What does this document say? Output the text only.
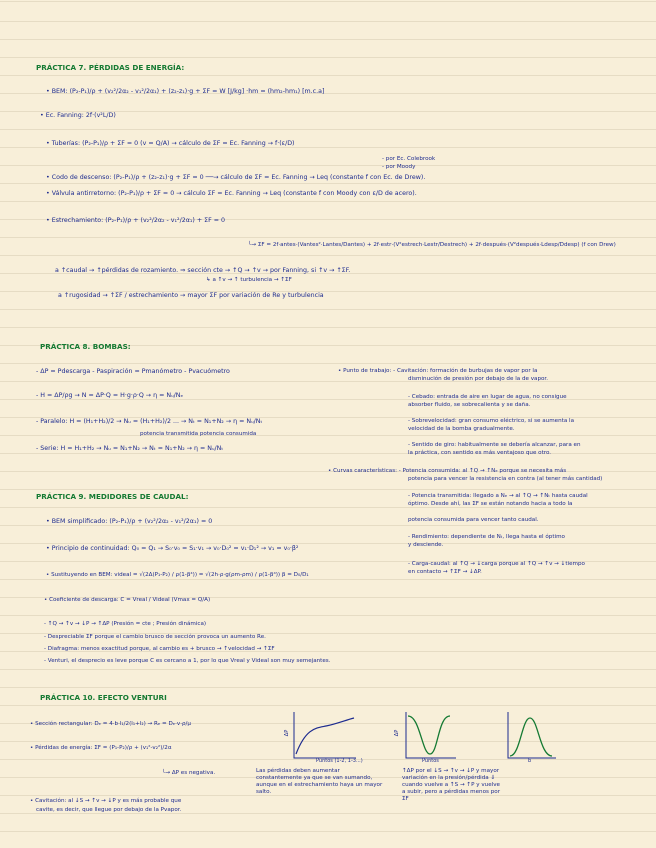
PRÁCTICA 7. PÉRDIDAS DE ENERGÍA:
• BEM: (P₂-P₁)/ρ + (v₂²/2α₂ - v₁²/2α₁) + (z₂-z₁)·g + ΣF = W [J/kg] ·hm = (hm₂-hm₁) [m.c.a]
• Ec. Fanning: 2f·(v²L/D)
• Tuberías: (P₂-P₁)/ρ + ΣF = 0 (v = Q/A) → cálculo de ΣF = Ec. Fanning → f·(ε/D)
- por Ec. Colebrook
- por Moody
• Codo de descenso: (P₂-P₁)/ρ + (z₂-z₁)·g + ΣF = 0 ──→ cálculo de ΣF = Ec. Fanning → Leq (constante f con Ec. de Drew).
• Válvula antirretorno: (P₂-P₁)/ρ + ΣF = 0 → cálculo ΣF = Ec. Fanning → Leq (constante f con Moody con ε/D de acero).
• Estrechamiento: (P₂-P₁)/ρ + (v₂²/2α₂ - v₁²/2α₁) + ΣF = 0
└→ ΣF = 2f·antes·(Vantes²·Lantes/Dantes) + 2f·estr·(V²estrech·Lestr/Destrech) + 2f·después·(V²después·Ldesp/Ddesp) (f con Drew)
a ↑caudal → ↑pérdidas de rozamiento. ⇒ sección cte → ↑Q → ↑v → por Fanning, si ↑v → ↑ΣF.
↳ a ↑v → ↑ turbulencia → ↑ΣF
a ↑rugosidad → ↑ΣF / estrechamiento → mayor ΣF por variación de Re y turbulencia
PRÁCTICA 8. BOMBAS:
- ΔP = Pdescarga - Paspiración = Pmanómetro - Pvacuómetro
- H = ΔP/ρg → N = ΔP·Q = H·g·ρ·Q → η = Nᵤ/Nₑ
- Paralelo: H = (H₁+H₂)/2 → Nᵤ = (H₁+H₂)/2 ... → Nₜ = N₁+N₂ → η = Nᵤ/Nₜ
potencia transmitida potencia consumida
- Serie: H = H₁+H₂ → Nᵤ = N₁+N₂ → Nₜ = N₁+N₂ → η = Nᵤ/Nₜ
• Punto de trabajo: - Cavitación: formación de burbujas de vapor por la
disminución de presión por debajo de la de vapor.
- Cebado: entrada de aire en lugar de agua, no consigue
absorber fluido, se sobrecalienta y se daña.
- Sobrevelocidad: gran consumo eléctrico, si se aumenta la
velocidad de la bomba gradualmente.
- Sentido de giro: habitualmente se debería alcanzar, para en
la práctica, con sentido es más ventajoso que otro.
• Curvas características: - Potencia consumida: al ↑Q → ↑Nₑ porque se necesita más
potencia para vencer la resistencia en contra (al tener más cantidad)
- Potencia transmitida: llegado a Nₑ → al ↑Q → ↑Nₜ hasta caudal
óptimo. Desde ahí, las ΣF se están notando hacia a todo la
potencia consumida para vencer tanto caudal.
- Rendimiento: dependiente de Nₜ, llega hasta el óptimo
y desciende.
- Carga-caudal: al ↑Q → ↓carga porque al ↑Q → ↑v → ↓tiempo
en contacto → ↑ΣF → ↓ΔP.
PRÁCTICA 9. MEDIDORES DE CAUDAL:
• BEM simplificado: (P₂-P₁)/ρ + (v₂²/2α₂ - v₁²/2α₁) = 0
• Principio de continuidad: Q₀ = Q₁ → S₀·v₀ = S₁·v₁ → v₀·D₀² = v₁·D₁² → v₁ = v₀·β²
• Sustituyendo en BEM: videal = √(2Δ(P₁-P₂) / ρ(1-β⁴)) = √(2h·ρ·g(ρm-ρm) / ρ(1-β⁴)) β = D₀/D₁
• Coeficiente de descarga: C = Vreal / Videal (Vmax = Q/A)
- ↑Q → ↑v → ↓P → ↑ΔP (Presión = cte ; Presión dinámica)
- Despreciable ΣF porque el cambio brusco de sección provoca un aumento Re.
- Diafragma: menos exactitud porque, al cambio es + brusco → ↑velocidad → ↑ΣF
- Venturi, el desprecio es leve porque C es cercano a 1, por lo que Vreal y Videal son muy semejantes.
PRÁCTICA 10. EFECTO VENTURI
• Sección rectangular: Dₑ = 4·b·l₁/2(l₁+l₂) → Rₑ = Dₑ·v·ρ/μ
• Pérdidas de energía: ΣF = (P₁-P₂)/ρ + (v₁²-v₂²)/2α
└→ ΔP es negativa.
• Cavitación: al ↓S → ↑v → ↓P y es más probable que
cavite, es decir, que llegue por debajo de la Pvapor.
ΔP
Puntos (1-2, 1-3...)
Las pérdidas deben aumentar constantemente ya que se van sumando, aunque en el estrechamiento haya un mayor salto.
ΔP
Puntos
↑ΔP por el ↓S → ↑v → ↓P y mayor variación en la presión/pérdida ⇓ cuando vuelve a ↑S → ↑P y vuelve a subir, pero a pérdidas menos por ΣF
b
